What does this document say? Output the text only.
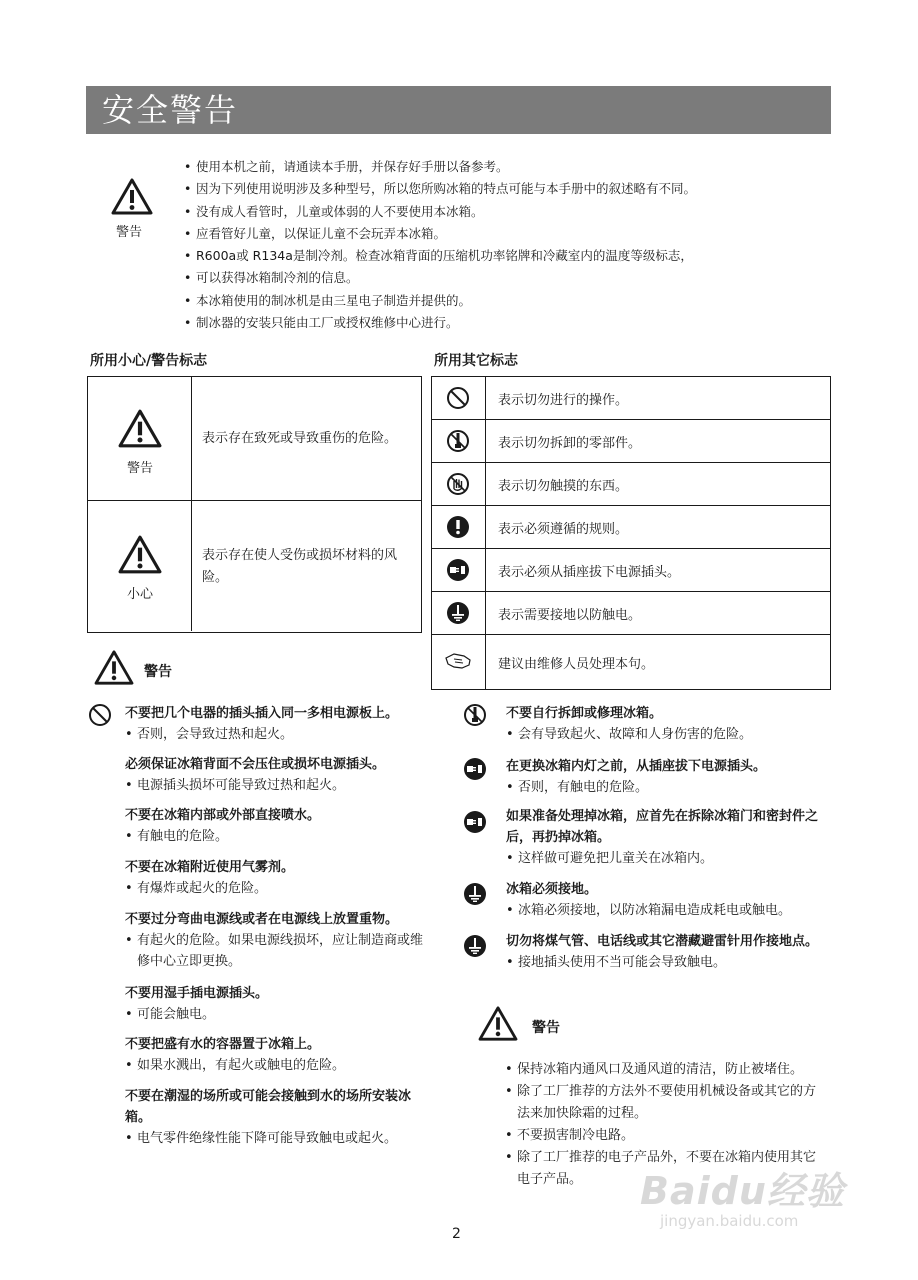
安全警告
警告
• 使用本机之前，请通读本手册，并保存好手册以备参考。
• 因为下列使用说明涉及多种型号，所以您所购冰箱的特点可能与本手册中的叙述略有不同。
• 没有成人看管时，儿童或体弱的人不要使用本冰箱。
• 应看管好儿童，以保证儿童不会玩弄本冰箱。
• R600a或 R134a是制冷剂。检查冰箱背面的压缩机功率铭牌和冷藏室内的温度等级标志，
• 可以获得冰箱制冷剂的信息。
• 本冰箱使用的制冰机是由三星电子制造并提供的。
• 制冰器的安装只能由工厂或授权维修中心进行。
所用小心/警告标志	所用其它标志
警告
表示存在致死或导致重伤的危险。
小心
表示存在使人受伤或损坏材料的风险。
表示切勿进行的操作。
表示切勿拆卸的零部件。
表示切勿触摸的东西。
表示必须遵循的规则。
表示必须从插座拔下电源插头。
表示需要接地以防触电。
建议由维修人员处理本句。
警告
不要把几个电器的插头插入同一多相电源板上。
• 否则，会导致过热和起火。
必须保证冰箱背面不会压住或损坏电源插头。
• 电源插头损坏可能导致过热和起火。
不要在冰箱内部或外部直接喷水。
• 有触电的危险。
不要在冰箱附近使用气雾剂。
• 有爆炸或起火的危险。
不要过分弯曲电源线或者在电源线上放置重物。
• 有起火的危险。如果电源线损坏，应让制造商或维修中心立即更换。
不要用湿手插电源插头。
• 可能会触电。
不要把盛有水的容器置于冰箱上。
• 如果水溅出，有起火或触电的危险。
不要在潮湿的场所或可能会接触到水的场所安装冰箱。
• 电气零件绝缘性能下降可能导致触电或起火。
不要自行拆卸或修理冰箱。
• 会有导致起火、故障和人身伤害的危险。
在更换冰箱内灯之前，从插座拔下电源插头。
• 否则，有触电的危险。
如果准备处理掉冰箱，应首先在拆除冰箱门和密封件之后，再扔掉冰箱。
• 这样做可避免把儿童关在冰箱内。
冰箱必须接地。
• 冰箱必须接地，以防冰箱漏电造成耗电或触电。
切勿将煤气管、电话线或其它潜藏避雷针用作接地点。
• 接地插头使用不当可能会导致触电。
警告
• 保持冰箱内通风口及通风道的清洁，防止被堵住。
• 除了工厂推荐的方法外不要使用机械设备或其它的方法来加快除霜的过程。
• 不要损害制冷电路。
• 除了工厂推荐的电子产品外，不要在冰箱内使用其它电子产品。	Baidu经验
jingyan.baidu.com
2
